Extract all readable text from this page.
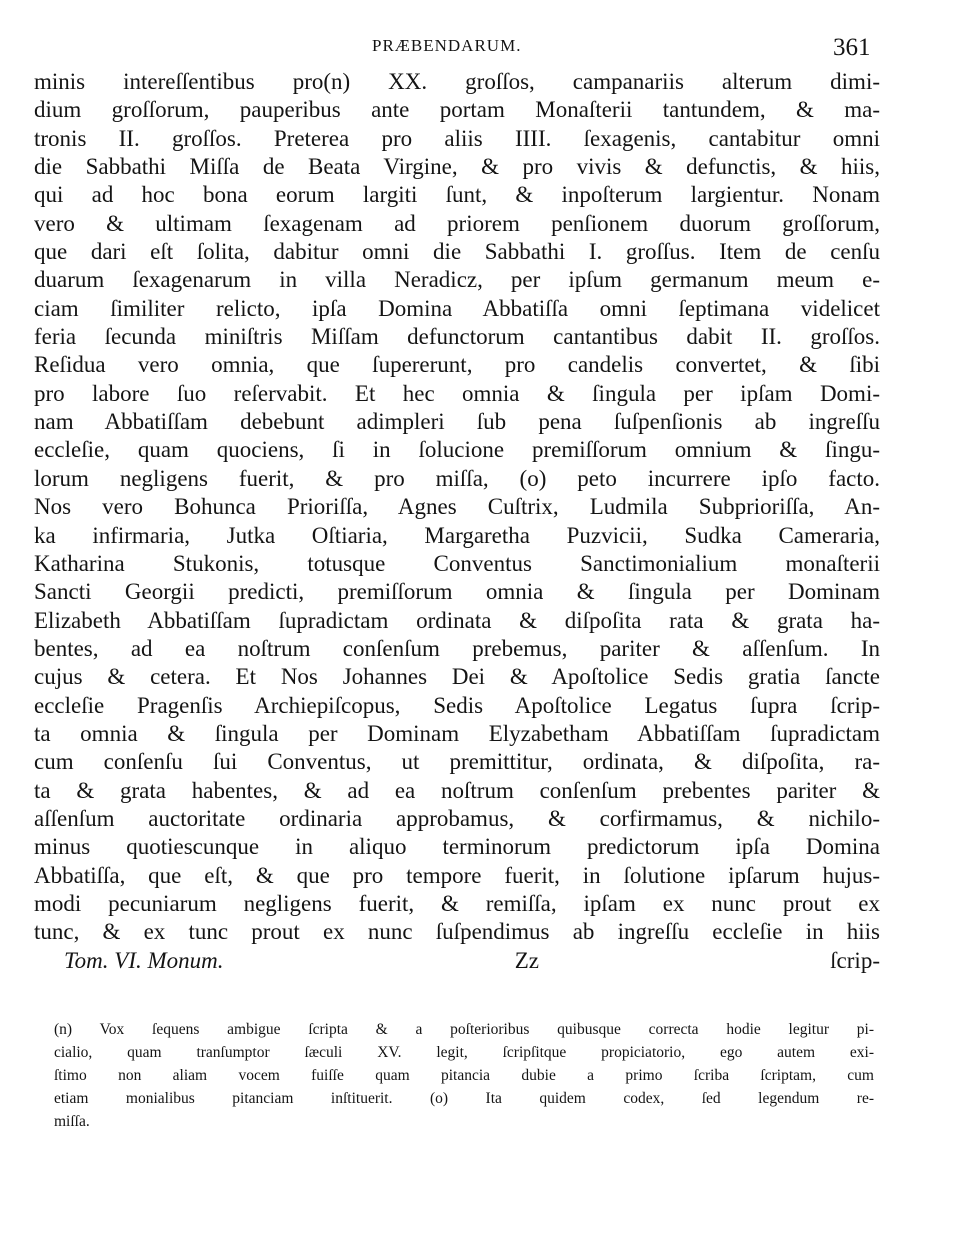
PRÆBENDARUM.	361
minis intereſſentibus pro(n) XX. groſſos, campanariis alterum dimi-
dium groſſorum, pauperibus ante portam Monaſterii tantundem, & ma-
tronis II. groſſos. Preterea pro aliis IIII. ſexagenis, cantabitur omni
die Sabbathi Miſſa de Beata Virgine, & pro vivis & defunctis, & hiis,
qui ad hoc bona eorum largiti ſunt, & inpoſterum largientur. Nonam
vero & ultimam ſexagenam ad priorem penſionem duorum groſſorum,
que dari eſt ſolita, dabitur omni die Sabbathi I. groſſus. Item de cenſu
duarum ſexagenarum in villa Neradicz, per ipſum germanum meum e-
ciam ſimiliter relicto, ipſa Domina Abbatiſſa omni ſeptimana videlicet
feria ſecunda miniſtris Miſſam defunctorum cantantibus dabit II. groſſos.
Reſidua vero omnia, que ſupererunt, pro candelis convertet, & ſibi
pro labore ſuo reſervabit. Et hec omnia & ſingula per ipſam Domi-
nam Abbatiſſam debebunt adimpleri ſub pena ſuſpenſionis ab ingreſſu
eccleſie, quam quociens, ſi in ſolucione premiſſorum omnium & ſingu-
lorum negligens fuerit, & pro miſſa, (o) peto incurrere ipſo facto.
Nos vero Bohunca Prioriſſa, Agnes Cuſtrix, Ludmila Subprioriſſa, An-
ka infirmaria, Jutka Oſtiaria, Margaretha Puzvicii, Sudka Cameraria,
Katharina Stukonis, totusque Conventus Sanctimonialium monaſterii
Sancti Georgii predicti, premiſſorum omnia & ſingula per Dominam
Elizabeth Abbatiſſam ſupradictam ordinata & diſpoſita rata & grata ha-
bentes, ad ea noſtrum conſenſum prebemus, pariter & aſſenſum. In
cujus & cetera. Et Nos Johannes Dei & Apoſtolice Sedis gratia ſancte
eccleſie Pragenſis Archiepiſcopus, Sedis Apoſtolice Legatus ſupra ſcrip-
ta omnia & ſingula per Dominam Elyzabetham Abbatiſſam ſupradictam
cum conſenſu ſui Conventus, ut premittitur, ordinata, & diſpoſita, ra-
ta & grata habentes, & ad ea noſtrum conſenſum prebentes pariter &
aſſenſum auctoritate ordinaria approbamus, & corfirmamus, & nichilo-
minus quotiescunque in aliquo terminorum predictorum ipſa Domina
Abbatiſſa, que eſt, & que pro tempore fuerit, in ſolutione ipſarum hujus-
modi pecuniarum negligens fuerit, & remiſſa, ipſam ex nunc prout ex
tunc, & ex tunc prout ex nunc ſuſpendimus ab ingreſſu eccleſie in hiis
Tom. VI. Monum.	Zz	ſcrip-
(n) Vox ſequens ambigue ſcripta & a poſterioribus quibusque correcta hodie legitur pi-
cialio, quam tranſumptor ſæculi XV. legit, ſcripſitque propiciatorio, ego autem exi-
ſtimo non aliam vocem fuiſſe quam pitancia dubie a primo ſcriba ſcriptam, cum
etiam monialibus pitanciam inſtituerit. (o) Ita quidem codex, ſed legendum re-
miſſa.
